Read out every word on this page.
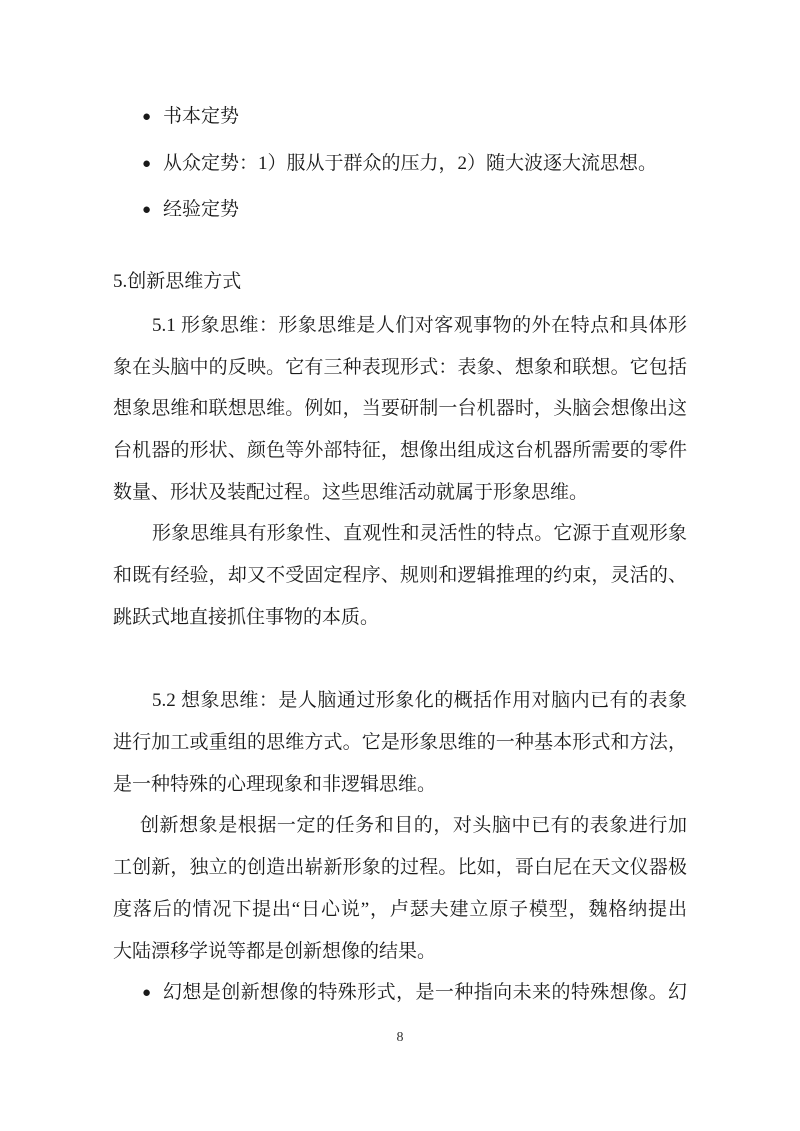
● 书本定势
● 从众定势：1）服从于群众的压力，2）随大波逐大流思想。
● 经验定势
5.创新思维方式
5.1 形象思维：形象思维是人们对客观事物的外在特点和具体形
象在头脑中的反映。它有三种表现形式：表象、想象和联想。它包括
想象思维和联想思维。例如，当要研制一台机器时，头脑会想像出这
台机器的形状、颜色等外部特征，想像出组成这台机器所需要的零件
数量、形状及装配过程。这些思维活动就属于形象思维。
形象思维具有形象性、直观性和灵活性的特点。它源于直观形象
和既有经验，却又不受固定程序、规则和逻辑推理的约束，灵活的、
跳跃式地直接抓住事物的本质。
5.2 想象思维：是人脑通过形象化的概括作用对脑内已有的表象
进行加工或重组的思维方式。它是形象思维的一种基本形式和方法，
是一种特殊的心理现象和非逻辑思维。
创新想象是根据一定的任务和目的，对头脑中已有的表象进行加
工创新，独立的创造出崭新形象的过程。比如，哥白尼在天文仪器极
度落后的情况下提出“日心说”，卢瑟夫建立原子模型，魏格纳提出
大陆漂移学说等都是创新想像的结果。
● 幻想是创新想像的特殊形式，是一种指向未来的特殊想像。幻
8
